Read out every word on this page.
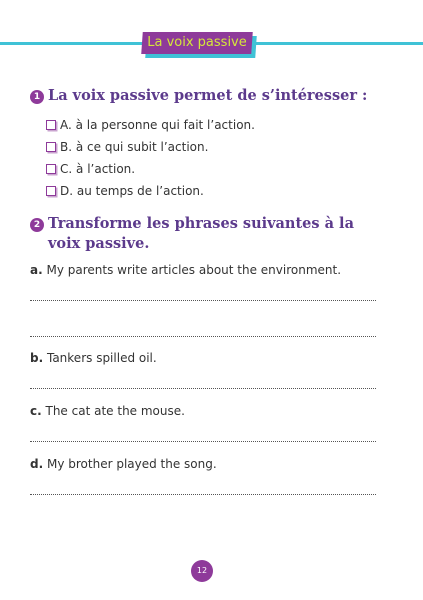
La voix passive
1 La voix passive permet de s’intéresser :
A. à la personne qui fait l’action.
B. à ce qui subit l’action.
C. à l’action.
D. au temps de l’action.
2 Transforme les phrases suivantes à la voix passive.
a. My parents write articles about the environment.
b. Tankers spilled oil.
c. The cat ate the mouse.
d. My brother played the song.
12
